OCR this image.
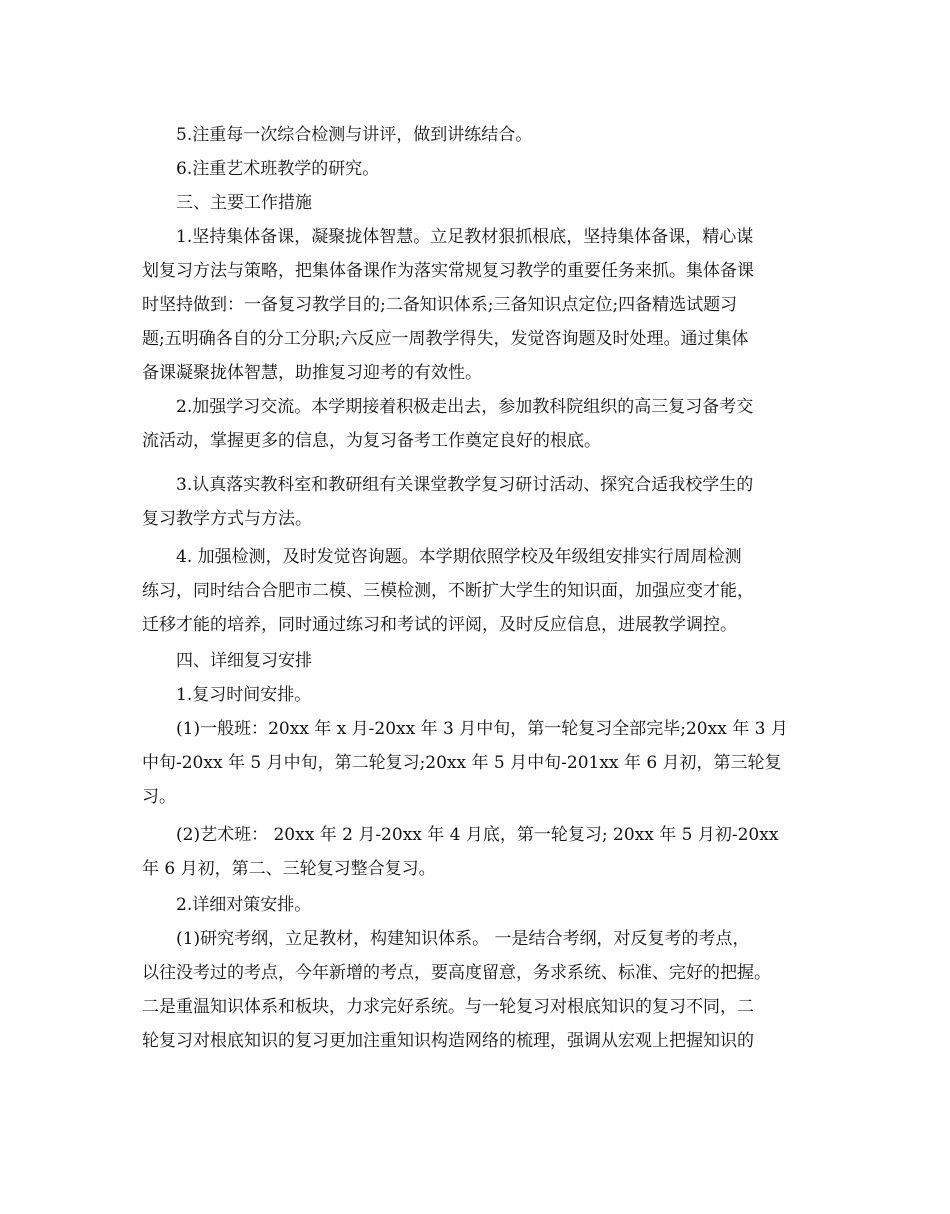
5.注重每一次综合检测与讲评，做到讲练结合。
6.注重艺术班教学的研究。
三、主要工作措施
1.坚持集体备课，凝聚拢体智慧。立足教材狠抓根底，坚持集体备课，精心谋
划复习方法与策略，把集体备课作为落实常规复习教学的重要任务来抓。集体备课
时坚持做到：一备复习教学目的;二备知识体系;三备知识点定位;四备精选试题习
题;五明确各自的分工分职;六反应一周教学得失，发觉咨询题及时处理。通过集体
备课凝聚拢体智慧，助推复习迎考的有效性。
2.加强学习交流。本学期接着积极走出去，参加教科院组织的高三复习备考交
流活动，掌握更多的信息，为复习备考工作奠定良好的根底。
3.认真落实教科室和教研组有关课堂教学复习研讨活动、探究合适我校学生的
复习教学方式与方法。
4. 加强检测，及时发觉咨询题。本学期依照学校及年级组安排实行周周检测
练习，同时结合合肥市二模、三模检测，不断扩大学生的知识面，加强应变才能，
迁移才能的培养，同时通过练习和考试的评阅，及时反应信息，进展教学调控。
四、详细复习安排
1.复习时间安排。
(1)一般班：20xx 年 x 月-20xx 年 3 月中旬，第一轮复习全部完毕;20xx 年 3 月
中旬-20xx 年 5 月中旬，第二轮复习;20xx 年 5 月中旬-201xx 年 6 月初，第三轮复
习。
(2)艺术班： 20xx 年 2 月-20xx 年 4 月底，第一轮复习; 20xx 年 5 月初-20xx
年 6 月初，第二、三轮复习整合复习。
2.详细对策安排。
(1)研究考纲，立足教材，构建知识体系。 一是结合考纲，对反复考的考点，
以往没考过的考点，今年新增的考点，要高度留意，务求系统、标准、完好的把握。
二是重温知识体系和板块，力求完好系统。与一轮复习对根底知识的复习不同，二
轮复习对根底知识的复习更加注重知识构造网络的梳理，强调从宏观上把握知识的
